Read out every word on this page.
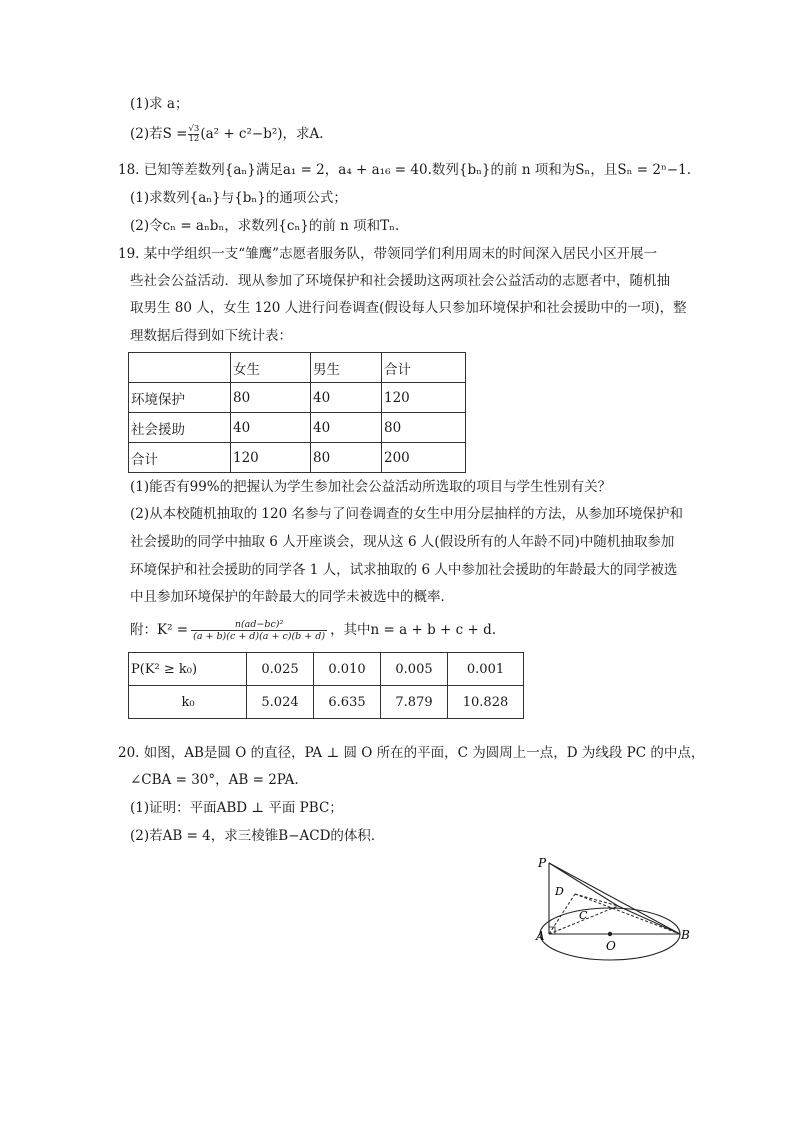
(1)求 a；
(2)若$S = \frac{√3}{12}(a^2 + c^2-b^2)$，求A.
18. 已知等差数列{aₙ}满足a₁ = 2，a₄ + a₁₆ = 40.数列{bₙ}的前 n 项和为Sₙ，且Sₙ = 2ⁿ−1.
(1)求数列{aₙ}与{bₙ}的通项公式；
(2)令cₙ = aₙbₙ，求数列{cₙ}的前 n 项和Tₙ.
19. 某中学组织一支“雏鹰”志愿者服务队，带领同学们利用周末的时间深入居民小区开展一
些社会公益活动．现从参加了环境保护和社会援助这两项社会公益活动的志愿者中，随机抽
取男生 80 人，女生 120 人进行问卷调查(假设每人只参加环境保护和社会援助中的一项)，整
理数据后得到如下统计表：
	女生	男生	合计
环境保护	80	40	120
社会援助	40	40	80
合计	120	80	200
(1)能否有99%的把握认为学生参加社会公益活动所选取的项目与学生性别有关？
(2)从本校随机抽取的 120 名参与了问卷调查的女生中用分层抽样的方法，从参加环境保护和
社会援助的同学中抽取 6 人开座谈会，现从这 6 人(假设所有的人年龄不同)中随机抽取参加
环境保护和社会援助的同学各 1 人，试求抽取的 6 人中参加社会援助的年龄最大的同学被选
中且参加环境保护的年龄最大的同学未被选中的概率．
附：$K^2 = \frac{\text{n(ad−bc)²}}{(a + b)(c + d)(a + c)(b + d)}$ ，其中n = a + b + c + d.
P(K² ≥ k₀)	0.025	0.010	0.005	0.001
k₀	5.024	6.635	7.879	10.828
20. 如图，AB是圆 O 的直径，PA ⊥ 圆 O 所在的平面，C 为圆周上一点，D 为线段 PC 的中点，
∠CBA = 30°，AB = 2PA.
(1)证明：平面ABD ⊥ 平面 PBC；
(2)若AB = 4，求三棱锥B−ACD的体积．
P
D
C
A
O
B
